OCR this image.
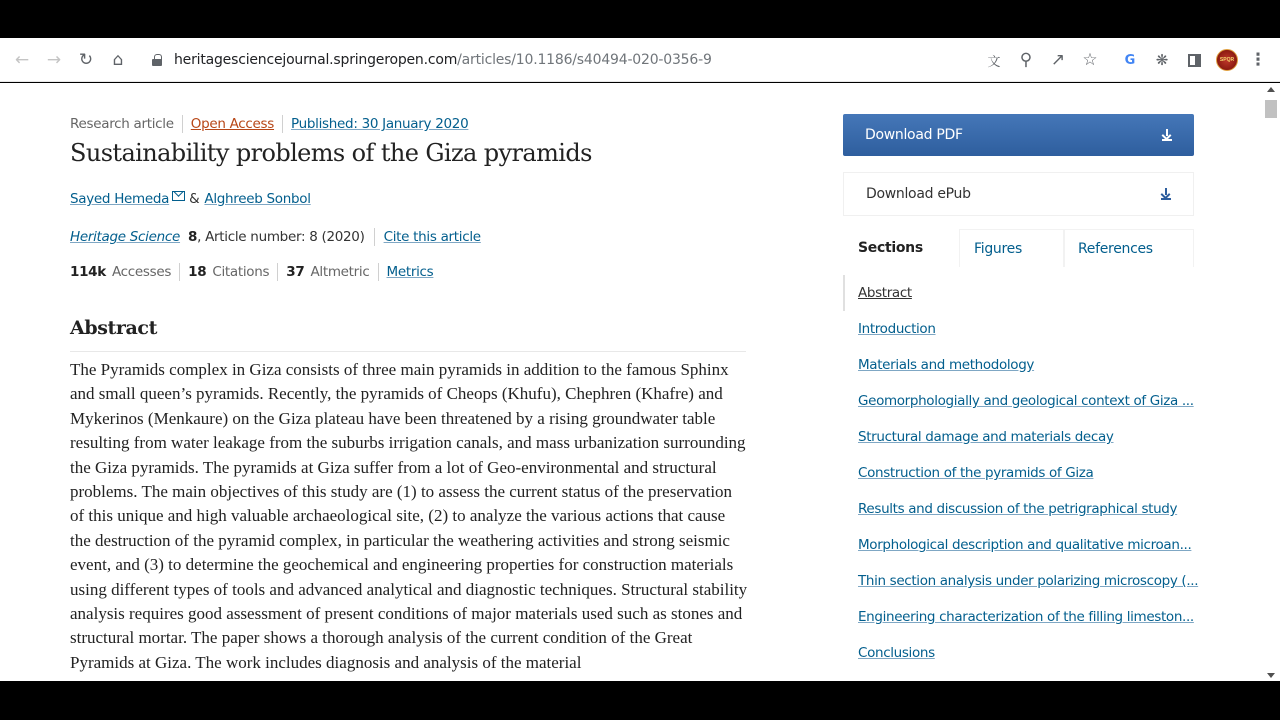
← → ↻	⌂	heritagesciencejournal.springeropen.com /articles/10.1186/s40494-020-0356-9	文	⚲	↗ ☆	G	❋	⋮
SPQR
Research article Open Access Published: 30 January 2020
Sustainability problems of the Giza pyramids
Sayed Hemeda & Alghreeb Sonbol
Heritage Science 8 , Article number: 8 (2020) Cite this article
114k Accesses 18 Citations 37 Altmetric Metrics
Abstract

The Pyramids complex in Giza consists of three main pyramids in addition to the famous Sphinx and small queen’s pyramids. Recently, the pyramids of Cheops (Khufu), Chephren (Khafre) and Mykerinos (Menkaure) on the Giza plateau have been threatened by a rising groundwater table resulting from water leakage from the suburbs irrigation canals, and mass urbanization surrounding the Giza pyramids. The pyramids at Giza suffer from a lot of Geo-environmental and structural problems. The main objectives of this study are (1) to assess the current status of the preservation of this unique and high valuable archaeological site, (2) to analyze the various actions that cause the destruction of the pyramid complex, in particular the weathering activities and strong seismic event, and (3) to determine the geochemical and engineering properties for construction materials using different types of tools and advanced analytical and diagnostic techniques. Structural stability analysis requires good assessment of present conditions of major materials used such as stones and structural mortar. The paper shows a thorough analysis of the current condition of the Great Pyramids at Giza. The work includes diagnosis and analysis of the material

Download PDF
Download ePub
Sections	Figures	References
Abstract
Introduction
Materials and methodology
Geomorphologially and geological context of Giza ...
Structural damage and materials decay
Construction of the pyramids of Giza
Results and discussion of the petrigraphical study
Morphological description and qualitative microan...
Thin section analysis under polarizing microscopy (...
Engineering characterization of the filling limeston...
Conclusions
